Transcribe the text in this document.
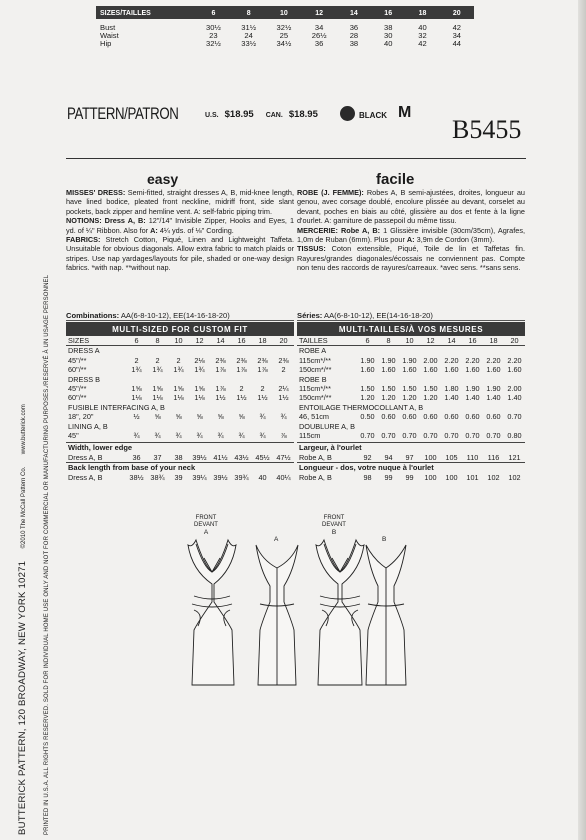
SIZES/TAILLES	6	8	10	12	14	16	18	20

Bust	30½	31½	32½	34	36	38	40	42
Waist	23	24	25	26½	28	30	32	34
Hip	32½	33½	34½	36	38	40	42	44
PATTERN/PATRON	U.S. $18.95 CAN. $18.95	BLACK M
B5455
easy	facile
MISSES' DRESS: Semi-fitted, straight dresses A, B, mid-knee length, have lined bodice, pleated front neckline, midriff front, side slant pockets, back zipper and hemline vent. A: self-fabric piping trim.
NOTIONS: Dress A, B: 12"/14" Invisible Zipper, Hooks and Eyes, 1 yd. of ¼" Ribbon. Also for A: 4¼ yds. of ⅛" Cording.
FABRICS: Stretch Cotton, Piqué, Linen and Lightweight Taffeta. Unsuitable for obvious diagonals. Allow extra fabric to match plaids or stripes. Use nap yardages/layouts for pile, shaded or one-way design fabrics. *with nap. **without nap.
ROBE (J. FEMME): Robes A, B semi-ajustées, droites, longueur au genou, avec corsage doublé, encolure plissée au devant, corselet au devant, poches en biais au côté, glissière au dos et fente à la ligne d'ourlet. A: garniture de passepoil du même tissu.
MERCERIE: Robe A, B: 1 Glissière invisible (30cm/35cm), Agrafes, 1,0m de Ruban (6mm). Plus pour A: 3,9m de Cordon (3mm).
TISSUS: Coton extensible, Piqué, Toile de lin et Taffetas fin. Rayures/grandes diagonales/écossais ne conviennent pas. Compte non tenu des raccords de rayures/carreaux. *avec sens. **sans sens.
Combinations: AA(6-8-10-12), EE(14-16-18-20)	Séries: AA(6-8-10-12), EE(14-16-18-20)
MULTI-SIZED FOR CUSTOM FIT								
SIZES	6	8	10	12	14	16	18	20
DRESS A								
45"/**	2	2	2	2⅛	2⅜	2⅜	2⅜	2⅜
60"/**	1¾	1¾	1¾	1¾	1⅞	1⅞	1⅞	2
DRESS B								
45"/**	1⅝	1⅝	1⅝	1⅝	1⅞	2	2	2¼
60"/**	1⅛	1⅛	1⅛	1⅛	1½	1½	1½	1½
FUSIBLE INTERFACING A, B								
18", 20"	½	⅝	⅝	⅝	⅝	⅝	¾	¾
LINING A, B								
45"	¾	¾	¾	¾	¾	¾	¾	⅞

Width, lower edge								
Dress A, B	36	37	38	39½	41½	43½	45½	47½
Back length from base of your neck								
Dress A, B	38½	38¾	39	39¼	39½	39¾	40	40¼
MULTI-TAILLES/À VOS MESURES								
TAILLES	6	8	10	12	14	16	18	20
ROBE A								
115cm*/**	1.90	1.90	1.90	2.00	2.20	2.20	2.20	2.20
150cm*/**	1.60	1.60	1.60	1.60	1.60	1.60	1.60	1.60
ROBE B								
115cm*/**	1.50	1.50	1.50	1.50	1.80	1.90	1.90	2.00
150cm*/**	1.20	1.20	1.20	1.20	1.40	1.40	1.40	1.40
ENTOILAGE THERMOCOLLANT A, B								
46, 51cm	0.50	0.60	0.60	0.60	0.60	0.60	0.60	0.70
DOUBLURE A, B								
115cm	0.70	0.70	0.70	0.70	0.70	0.70	0.70	0.80

Largeur, à l'ourlet								
Robe A, B	92	94	97	100	105	110	116	121
Longueur - dos, votre nuque à l'ourlet								
Robe A, B	98	99	99	100	100	101	102	102
FRONT
DEVANT
A
A
FRONT
DEVANT
B
B
BUTTERICK PATTERN, 120 BROADWAY, NEW YORK 10271 ©2010 The McCall Pattern Co. www.butterick.com	PRINTED IN U.S.A. ALL RIGHTS RESERVED. SOLD FOR INDIVIDUAL HOME USE ONLY AND NOT FOR COMMERCIAL OR MANUFACTURING PURPOSES./RESERVÉ À UN USAGE PERSONNEL
